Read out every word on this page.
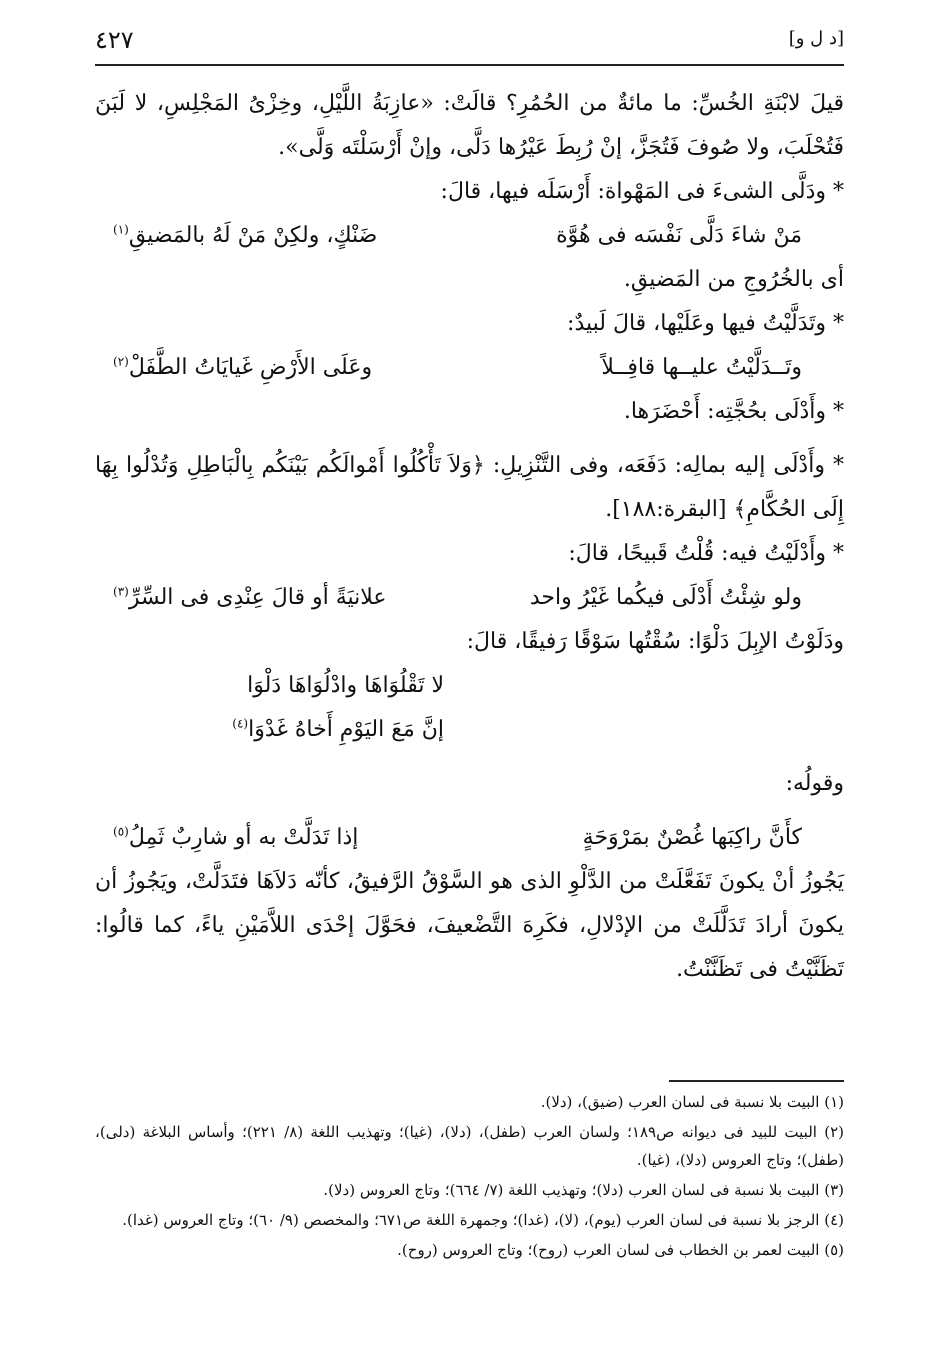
٤٢٧	[د ل و]

قيلَ لابْنَةِ الخُسِّ: ما مائةٌ من الحُمُرِ؟ قالَتْ: «عازِبَةُ اللَّيْلِ، وخِزْىُ المَجْلِسِ، لا لَبَنَ فَتُحْلَبَ، ولا صُوفَ فَتُجَزَّ، إنْ رُبِطَ عَيْرُها دَلَّى، وإنْ أَرْسَلْتَه وَلَّى».

* ودَلَّى الشىءَ فى المَهْواة: أَرْسَلَه فيها، قالَ:

مَنْ شاءَ دَلَّى نَفْسَه فى هُوَّة
ضَنْكٍ، ولكِنْ مَنْ لَهُ بالمَضيقِ$^{(١)}$

أى بالخُرُوجِ من المَضيقِ.

* وتَدَلَّيْتُ فيها وعَلَيْها، قالَ لَبيدٌ:

وتَــدَلَّيْتُ عليــها قافِــلاً
وعَلَى الأَرْضِ غَيايَاتُ الطَّفَلْ$^{(٢)}$

* وأَدْلَى بحُجَّتِه: أَحْضَرَها.

* وأَدْلَى إليه بمالِه: دَفَعَه، وفى التَّنْزِيلِ: ﴿وَلاَ تَأْكُلُوا أَمْوالَكُم بَيْنَكُم بِالْبَاطِلِ وَتُدْلُوا بِهَا إِلَى الحُكَّامِ﴾ [البقرة:١٨٨].

* وأَدْلَيْتُ فيه: قُلْتُ قَبيحًا، قالَ:

ولو شِئْتُ أَدْلَى فيكُما غَيْرُ واحد
علانيَةً أو قالَ عِنْدِى فى السِّرِّ$^{(٣)}$

ودَلَوْتُ الإبِلَ دَلْوًا: سُقْتُها سَوْقًا رَفيقًا، قالَ:

لا تَقْلُوَاهَا وادْلُوَاهَا دَلْوَا
إنَّ مَعَ اليَوْمِ أَخاهُ غَدْوَا$^{(٤)}$

وقولُه:

كأَنَّ راكِبَها غُصْنٌ بمَرْوَحَةٍ
إذا تَدَلَّتْ به أو شارِبٌ ثَمِلُ$^{(٥)}$

يَجُوزُ أنْ يكونَ تَفَعَّلَتْ من الدَّلْوِ الذى هو السَّوْقُ الرَّفيقُ، كأنّه دَلاَهَا فتَدَلَّتْ، ويَجُوزُ أن يكونَ أرادَ تَدَلَّلَتْ من الإدْلالِ، فكَرِهَ التَّضْعيفَ، فحَوَّلَ إحْدَى اللاَّمَيْنِ ياءً، كما قالُوا: تَظَنَّيْتُ فى تَظَنَّنْتُ.

(١) البيت بلا نسبة فى لسان العرب (ضيق)، (دلا).

(٢) البيت للبيد فى ديوانه ص١٨٩؛ ولسان العرب (طفل)، (دلا)، (غيا)؛ وتهذيب اللغة (٨/ ٢٢١)؛ وأساس البلاغة (دلى)، (طفل)؛ وتاج العروس (دلا)، (غيا).

(٣) البيت بلا نسبة فى لسان العرب (دلا)؛ وتهذيب اللغة (٧/ ٦٦٤)؛ وتاج العروس (دلا).

(٤) الرجز بلا نسبة فى لسان العرب (يوم)، (لا)، (غدا)؛ وجمهرة اللغة ص٦٧١؛ والمخصص (٩/ ٦٠)؛ وتاج العروس (غدا).

(٥) البيت لعمر بن الخطاب فى لسان العرب (روح)؛ وتاج العروس (روح).
